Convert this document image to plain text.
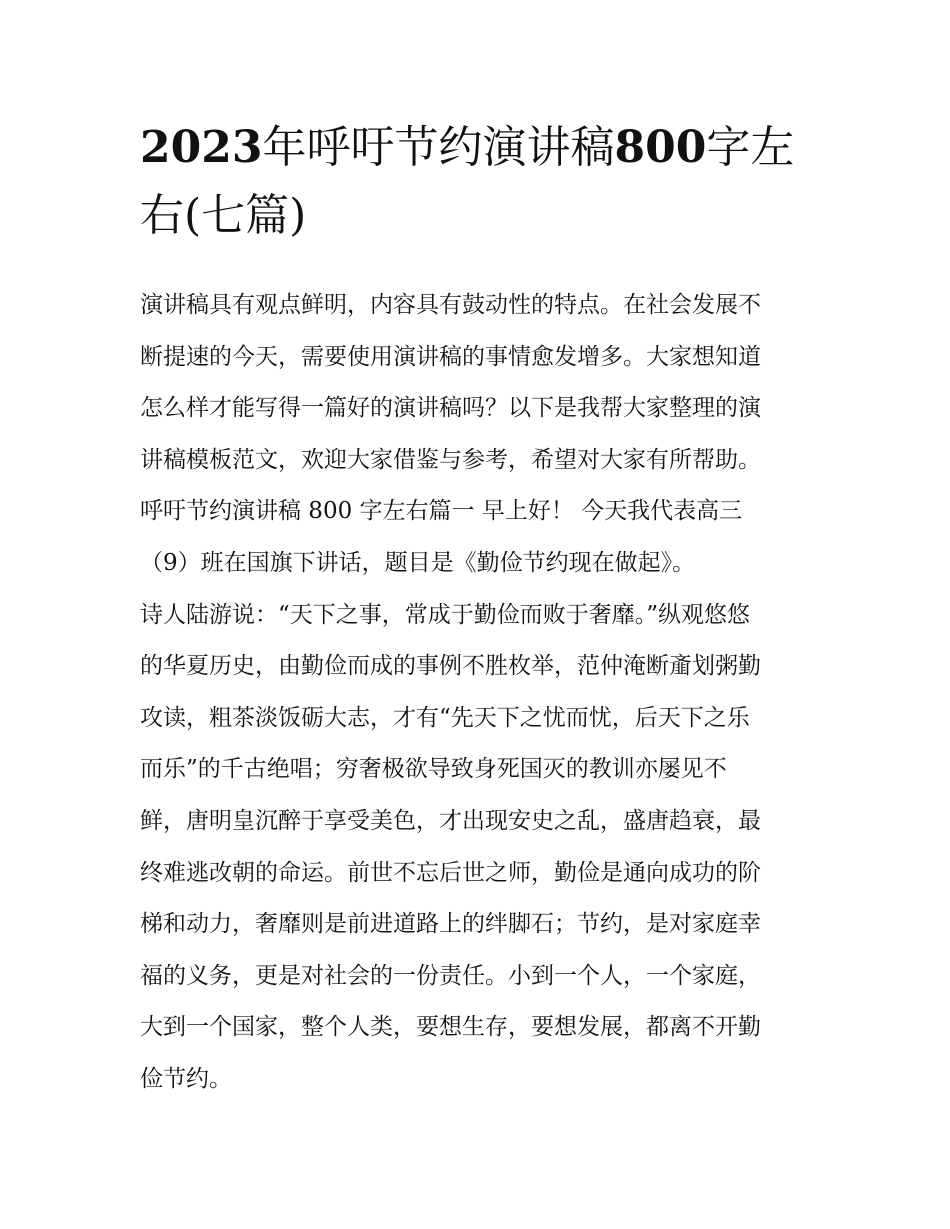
2023年呼吁节约演讲稿800字左右(七篇)
演讲稿具有观点鲜明，内容具有鼓动性的特点。在社会发展不
断提速的今天，需要使用演讲稿的事情愈发增多。大家想知道
怎么样才能写得一篇好的演讲稿吗？以下是我帮大家整理的演
讲稿模板范文，欢迎大家借鉴与参考，希望对大家有所帮助。
呼吁节约演讲稿 800 字左右篇一 早上好！ 今天我代表高三
（9）班在国旗下讲话，题目是《勤俭节约现在做起》。
诗人陆游说：“天下之事，常成于勤俭而败于奢靡。”纵观悠悠
的华夏历史，由勤俭而成的事例不胜枚举，范仲淹断齑划粥勤
攻读，粗茶淡饭砺大志，才有“先天下之忧而忧，后天下之乐
而乐”的千古绝唱；穷奢极欲导致身死国灭的教训亦屡见不
鲜，唐明皇沉醉于享受美色，才出现安史之乱，盛唐趋衰，最
终难逃改朝的命运。前世不忘后世之师，勤俭是通向成功的阶
梯和动力，奢靡则是前进道路上的绊脚石；节约，是对家庭幸
福的义务，更是对社会的一份责任。小到一个人，一个家庭，
大到一个国家，整个人类，要想生存，要想发展，都离不开勤
俭节约。
